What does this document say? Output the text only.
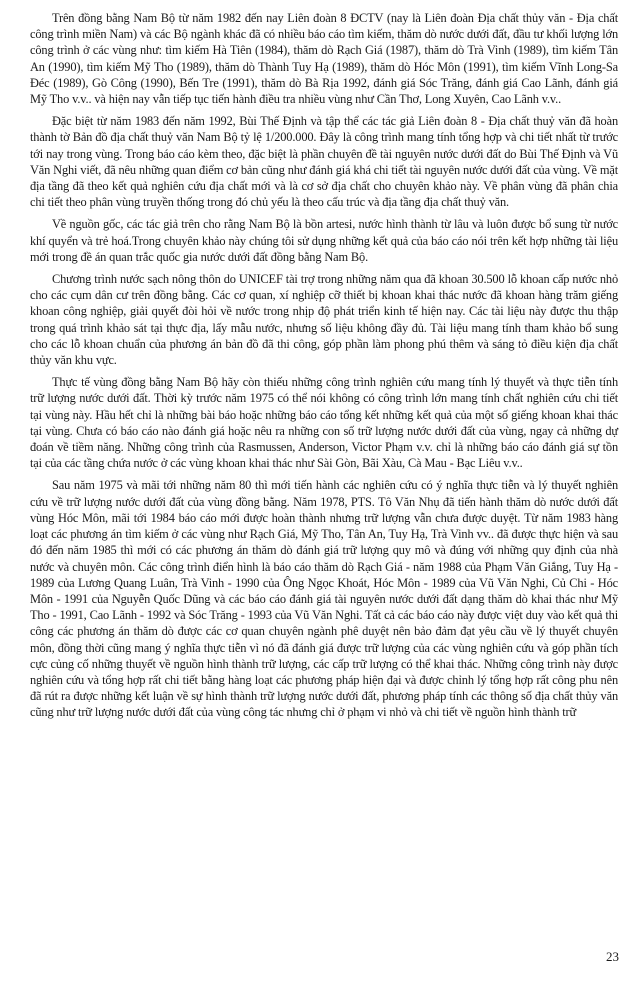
Trên đồng bằng Nam Bộ từ năm 1982 đến nay Liên đoàn 8 ĐCTV (nay là Liên đoàn Địa chất thủy văn - Địa chất công trình miền Nam) và các Bộ ngành khác đã có nhiều báo cáo tìm kiếm, thăm dò nước dưới đất, đầu tư khối lượng lớn công trình ở các vùng như: tìm kiếm Hà Tiên (1984), thăm dò Rạch Giá (1987), thăm dò Trà Vinh (1989), tìm kiếm Tân An (1990), tìm kiếm Mỹ Tho (1989), thăm dò Thành Tuy Hạ (1989), thăm dò Hóc Môn (1991), tìm kiếm Vĩnh Long-Sa Đéc (1989), Gò Công (1990), Bến Tre (1991), thăm dò Bà Rịa 1992, đánh giá Sóc Trăng, đánh giá Cao Lãnh, đánh giá Mỹ Tho v.v.. và hiện nay vẫn tiếp tục tiến hành điều tra nhiều vùng như Cần Thơ, Long Xuyên, Cao Lãnh v.v..

Đặc biệt từ năm 1983 đến năm 1992, Bùi Thế Định và tập thể các tác giả Liên đoàn 8 - Địa chất thuỷ văn đã hoàn thành tờ Bản đồ địa chất thuỷ văn Nam Bộ tỷ lệ 1/200.000. Đây là công trình mang tính tổng hợp và chi tiết nhất từ trước tới nay trong vùng. Trong báo cáo kèm theo, đặc biệt là phần chuyên đề tài nguyên nước dưới đất do Bùi Thế Định và Vũ Văn Nghi viết, đã nêu những quan điểm cơ bản cũng như đánh giá khá chi tiết tài nguyên nước dưới đất của vùng. Về mặt địa tầng đã theo kết quả nghiên cứu địa chất mới và là cơ sở địa chất cho chuyên khảo này. Về phân vùng đã phân chia chi tiết theo phân vùng truyền thống trong đó chủ yếu là theo cấu trúc và địa tầng địa chất thuỷ văn.

Về nguồn gốc, các tác giả trên cho rằng Nam Bộ là bồn artesi, nước hình thành từ lâu và luôn được bổ sung từ nước khí quyển và trẻ hoá.Trong chuyên khảo này chúng tôi sử dụng những kết quả của báo cáo nói trên kết hợp những tài liệu mới trong đề án quan trắc quốc gia nước dưới đất đồng bằng Nam Bộ.

Chương trình nước sạch nông thôn do UNICEF tài trợ trong những năm qua đã khoan 30.500 lỗ khoan cấp nước nhỏ cho các cụm dân cư trên đồng bằng. Các cơ quan, xí nghiệp cỡ thiết bị khoan khai thác nước đã khoan hàng trăm giếng khoan công nghiệp, giải quyết đòi hỏi về nước trong nhịp độ phát triển kinh tế hiện nay. Các tài liệu này được thu thập trong quá trình khảo sát tại thực địa, lấy mẫu nước, nhưng số liệu không đầy đủ. Tài liệu mang tính tham khảo bổ sung cho các lỗ khoan chuẩn của phương án bản đồ đã thi công, góp phần làm phong phú thêm và sáng tỏ điều kiện địa chất thủy văn khu vực.

Thực tế vùng đồng bằng Nam Bộ hãy còn thiếu những công trình nghiên cứu mang tính lý thuyết và thực tiễn tính trữ lượng nước dưới đất. Thời kỳ trước năm 1975 có thể nói không có công trình lớn mang tính chất nghiên cứu chi tiết tại vùng này. Hầu hết chỉ là những bài báo hoặc những báo cáo tổng kết những kết quả của một số giếng khoan khai thác tại vùng. Chưa có báo cáo nào đánh giá hoặc nêu ra những con số trữ lượng nước dưới đất của vùng, ngay cả những dự đoán về tiềm năng. Những công trình của Rasmussen, Anderson, Victor Phạm v.v. chỉ là những báo cáo đánh giá sự tồn tại của các tầng chứa nước ở các vùng khoan khai thác như Sài Gòn, Bãi Xàu, Cà Mau - Bạc Liêu v.v..

Sau năm 1975 và mãi tới những năm 80 thì mới tiến hành các nghiên cứu có ý nghĩa thực tiễn và lý thuyết nghiên cứu về trữ lượng nước dưới đất của vùng đồng bằng. Năm 1978, PTS. Tô Văn Nhụ đã tiến hành thăm dò nước dưới đất vùng Hóc Môn, mãi tới 1984 báo cáo mới được hoàn thành nhưng trữ lượng vẫn chưa được duyệt. Từ năm 1983 hàng loạt các phương án tìm kiếm ở các vùng như Rạch Giá, Mỹ Tho, Tân An, Tuy Hạ, Trà Vinh vv.. đã được thực hiện và sau đó đến năm 1985 thì mới có các phương án thăm dò đánh giá trữ lượng quy mô và đúng với những quy định của nhà nước và chuyên môn. Các công trình điển hình là báo cáo thăm dò Rạch Giá - năm 1988 của Phạm Văn Giắng, Tuy Hạ - 1989 của Lương Quang Luân, Trà Vinh - 1990 của Ông Ngọc Khoát, Hóc Môn - 1989 của Vũ Văn Nghi, Củ Chi - Hóc Môn - 1991 của Nguyễn Quốc Dũng và các báo cáo đánh giá tài nguyên nước dưới đất dạng thăm dò khai thác như Mỹ Tho - 1991, Cao Lãnh - 1992 và Sóc Trăng - 1993 của Vũ Văn Nghi. Tất cả các báo cáo này được việt duy vào kết quả thi công các phương án thăm dò được các cơ quan chuyên ngành phê duyệt nên bảo đảm đạt yêu cầu về lý thuyết chuyên môn, đồng thời cũng mang ý nghĩa thực tiễn vì nó đã đánh giá được trữ lượng của các vùng nghiên cứu và góp phần tích cực củng cố những thuyết về nguồn hình thành trữ lượng, các cấp trữ lượng có thể khai thác. Những công trình này được nghiên cứu và tổng hợp rất chi tiết bằng hàng loạt các phương pháp hiện đại và được chỉnh lý tổng hợp rất công phu nên đã rút ra được những kết luận về sự hình thành trữ lượng nước dưới đất, phương pháp tính các thông số địa chất thủy văn cũng như trữ lượng nước dưới đất của vùng công tác nhưng chỉ ở phạm vi nhỏ và chi tiết về nguồn hình thành trữ

23
